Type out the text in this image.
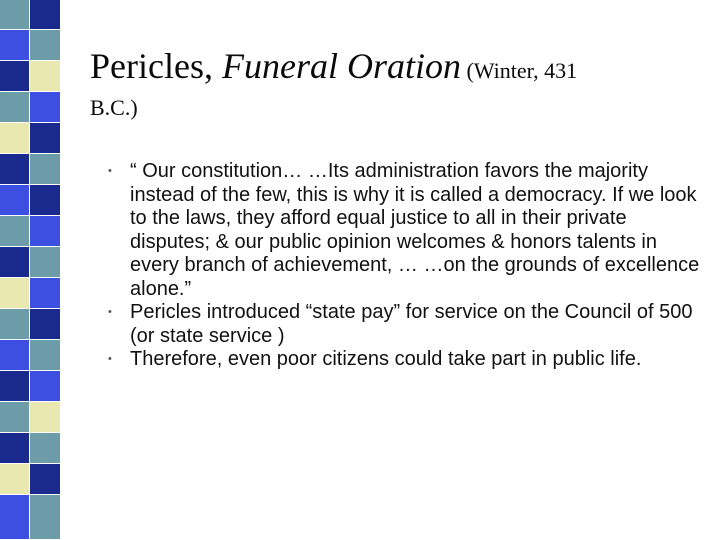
Pericles, Funeral Oration (Winter, 431
B.C.)
• “ Our constitution… …Its administration favors the majority instead of the few, this is why it is called a democracy. If we look to the laws, they afford equal justice to all in their private disputes; & our public opinion welcomes & honors talents in every branch of achievement, … …on the grounds of excellence alone.”
• Pericles introduced “state pay” for service on the Council of 500 (or state service )
• Therefore, even poor citizens could take part in public life.
